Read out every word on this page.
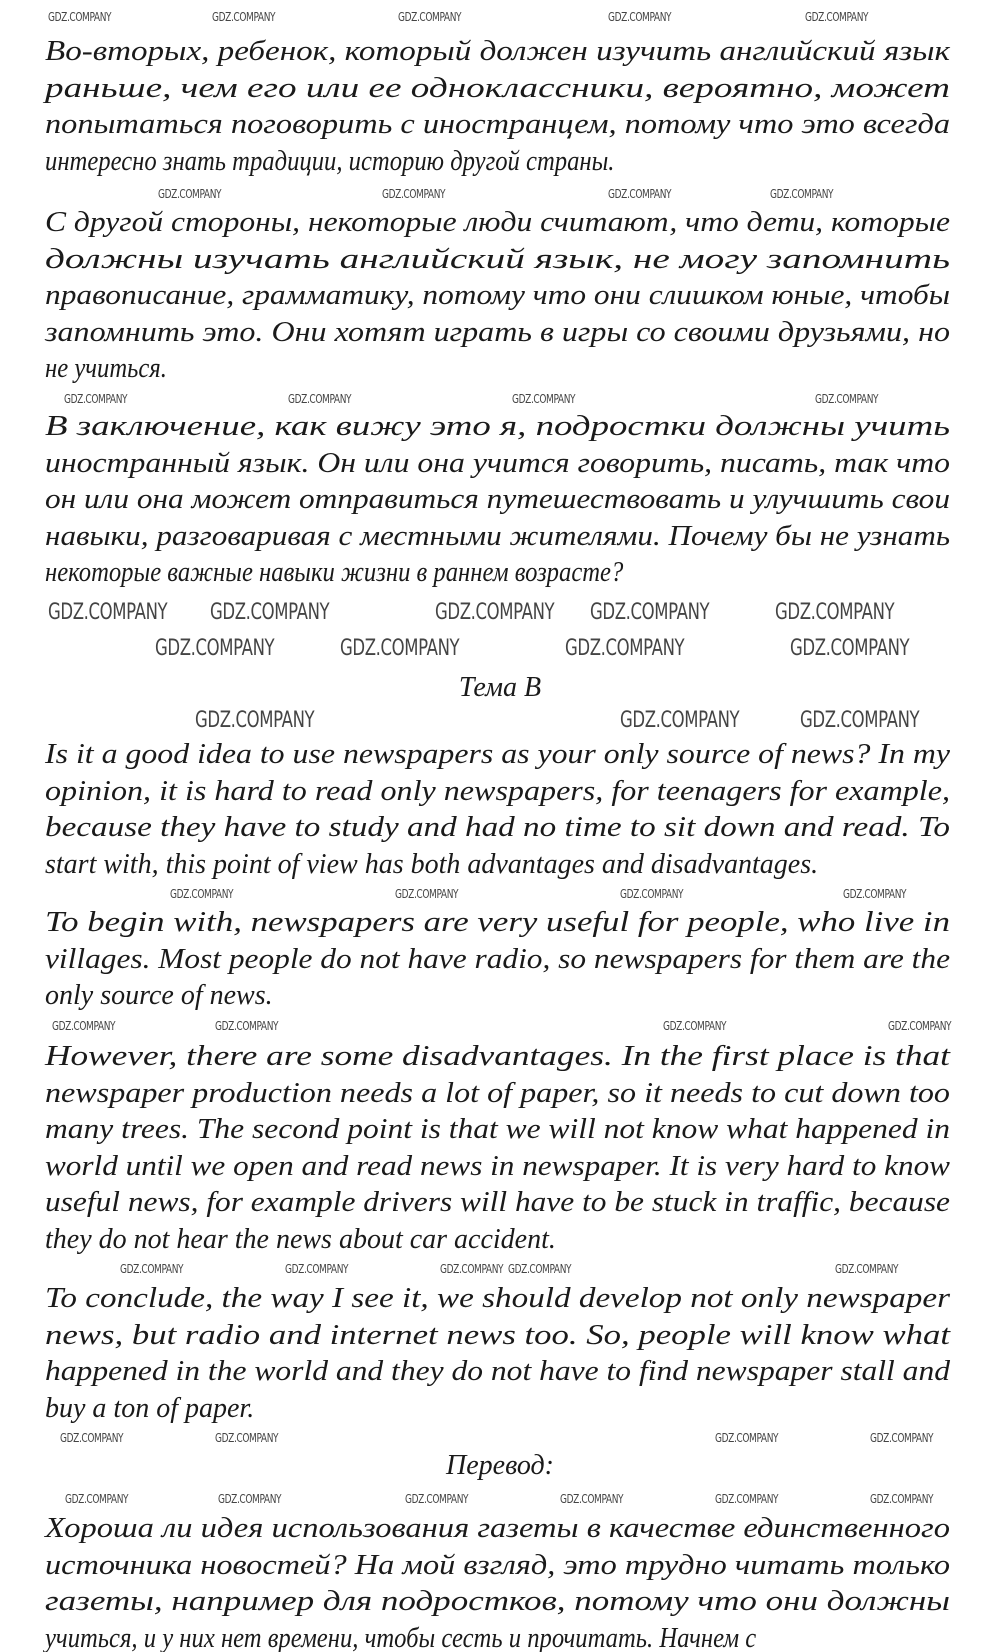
Во-вторых, ребенок, который должен изучить английский язык
раньше, чем его или ее одноклассники, вероятно, может
попытаться поговорить с иностранцем, потому что это всегда
интересно знать традиции, историю другой страны.
С другой стороны, некоторые люди считают, что дети, которые
должны изучать английский язык, не могу запомнить
правописание, грамматику, потому что они слишком юные, чтобы
запомнить это. Они хотят играть в игры со своими друзьями, но
не учиться.
В заключение, как вижу это я, подростки должны учить
иностранный язык. Он или она учится говорить, писать, так что
он или она может отправиться путешествовать и улучшить свои
навыки, разговаривая с местными жителями. Почему бы не узнать
некоторые важные навыки жизни в раннем возрасте?
Is it a good idea to use newspapers as your only source of news? In my
opinion, it is hard to read only newspapers, for teenagers for example,
because they have to study and had no time to sit down and read. To
start with, this point of view has both advantages and disadvantages.
To begin with, newspapers are very useful for people, who live in
villages. Most people do not have radio, so newspapers for them are the
only source of news.
However, there are some disadvantages. In the first place is that
newspaper production needs a lot of paper, so it needs to cut down too
many trees. The second point is that we will not know what happened in
world until we open and read news in newspaper. It is very hard to know
useful news, for example drivers will have to be stuck in traffic, because
they do not hear the news about car accident.
To conclude, the way I see it, we should develop not only newspaper
news, but radio and internet news too. So, people will know what
happened in the world and they do not have to find newspaper stall and
buy a ton of paper.
Хороша ли идея использования газеты в качестве единственного
источника новостей? На мой взгляд, это трудно читать только
газеты, например для подростков, потому что они должны
учиться, и у них нет времени, чтобы сесть и прочитать. Начнем с
Тема B
Перевод:
GDZ.COMPANY	GDZ.COMPANY	GDZ.COMPANY	GDZ.COMPANY	GDZ.COMPANY
GDZ.COMPANY	GDZ.COMPANY	GDZ.COMPANY	GDZ.COMPANY
GDZ.COMPANY	GDZ.COMPANY	GDZ.COMPANY	GDZ.COMPANY
GDZ.COMPANY GDZ.COMPANY	GDZ.COMPANY GDZ.COMPANY	GDZ.COMPANY
GDZ.COMPANY	GDZ.COMPANY	GDZ.COMPANY	GDZ.COMPANY
GDZ.COMPANY	GDZ.COMPANY	GDZ.COMPANY
GDZ.COMPANY	GDZ.COMPANY	GDZ.COMPANY	GDZ.COMPANY
GDZ.COMPANY	GDZ.COMPANY	GDZ.COMPANY	GDZ.COMPANY
GDZ.COMPANY	GDZ.COMPANY GDZ.COMPANY	GDZ.COMPANY
GDZ.COMPANY
GDZ.COMPANY	GDZ.COMPANY	GDZ.COMPANY	GDZ.COMPANY
GDZ.COMPANY	GDZ.COMPANY	GDZ.COMPANY	GDZ.COMPANY	GDZ.COMPANY	GDZ.COMPANY
